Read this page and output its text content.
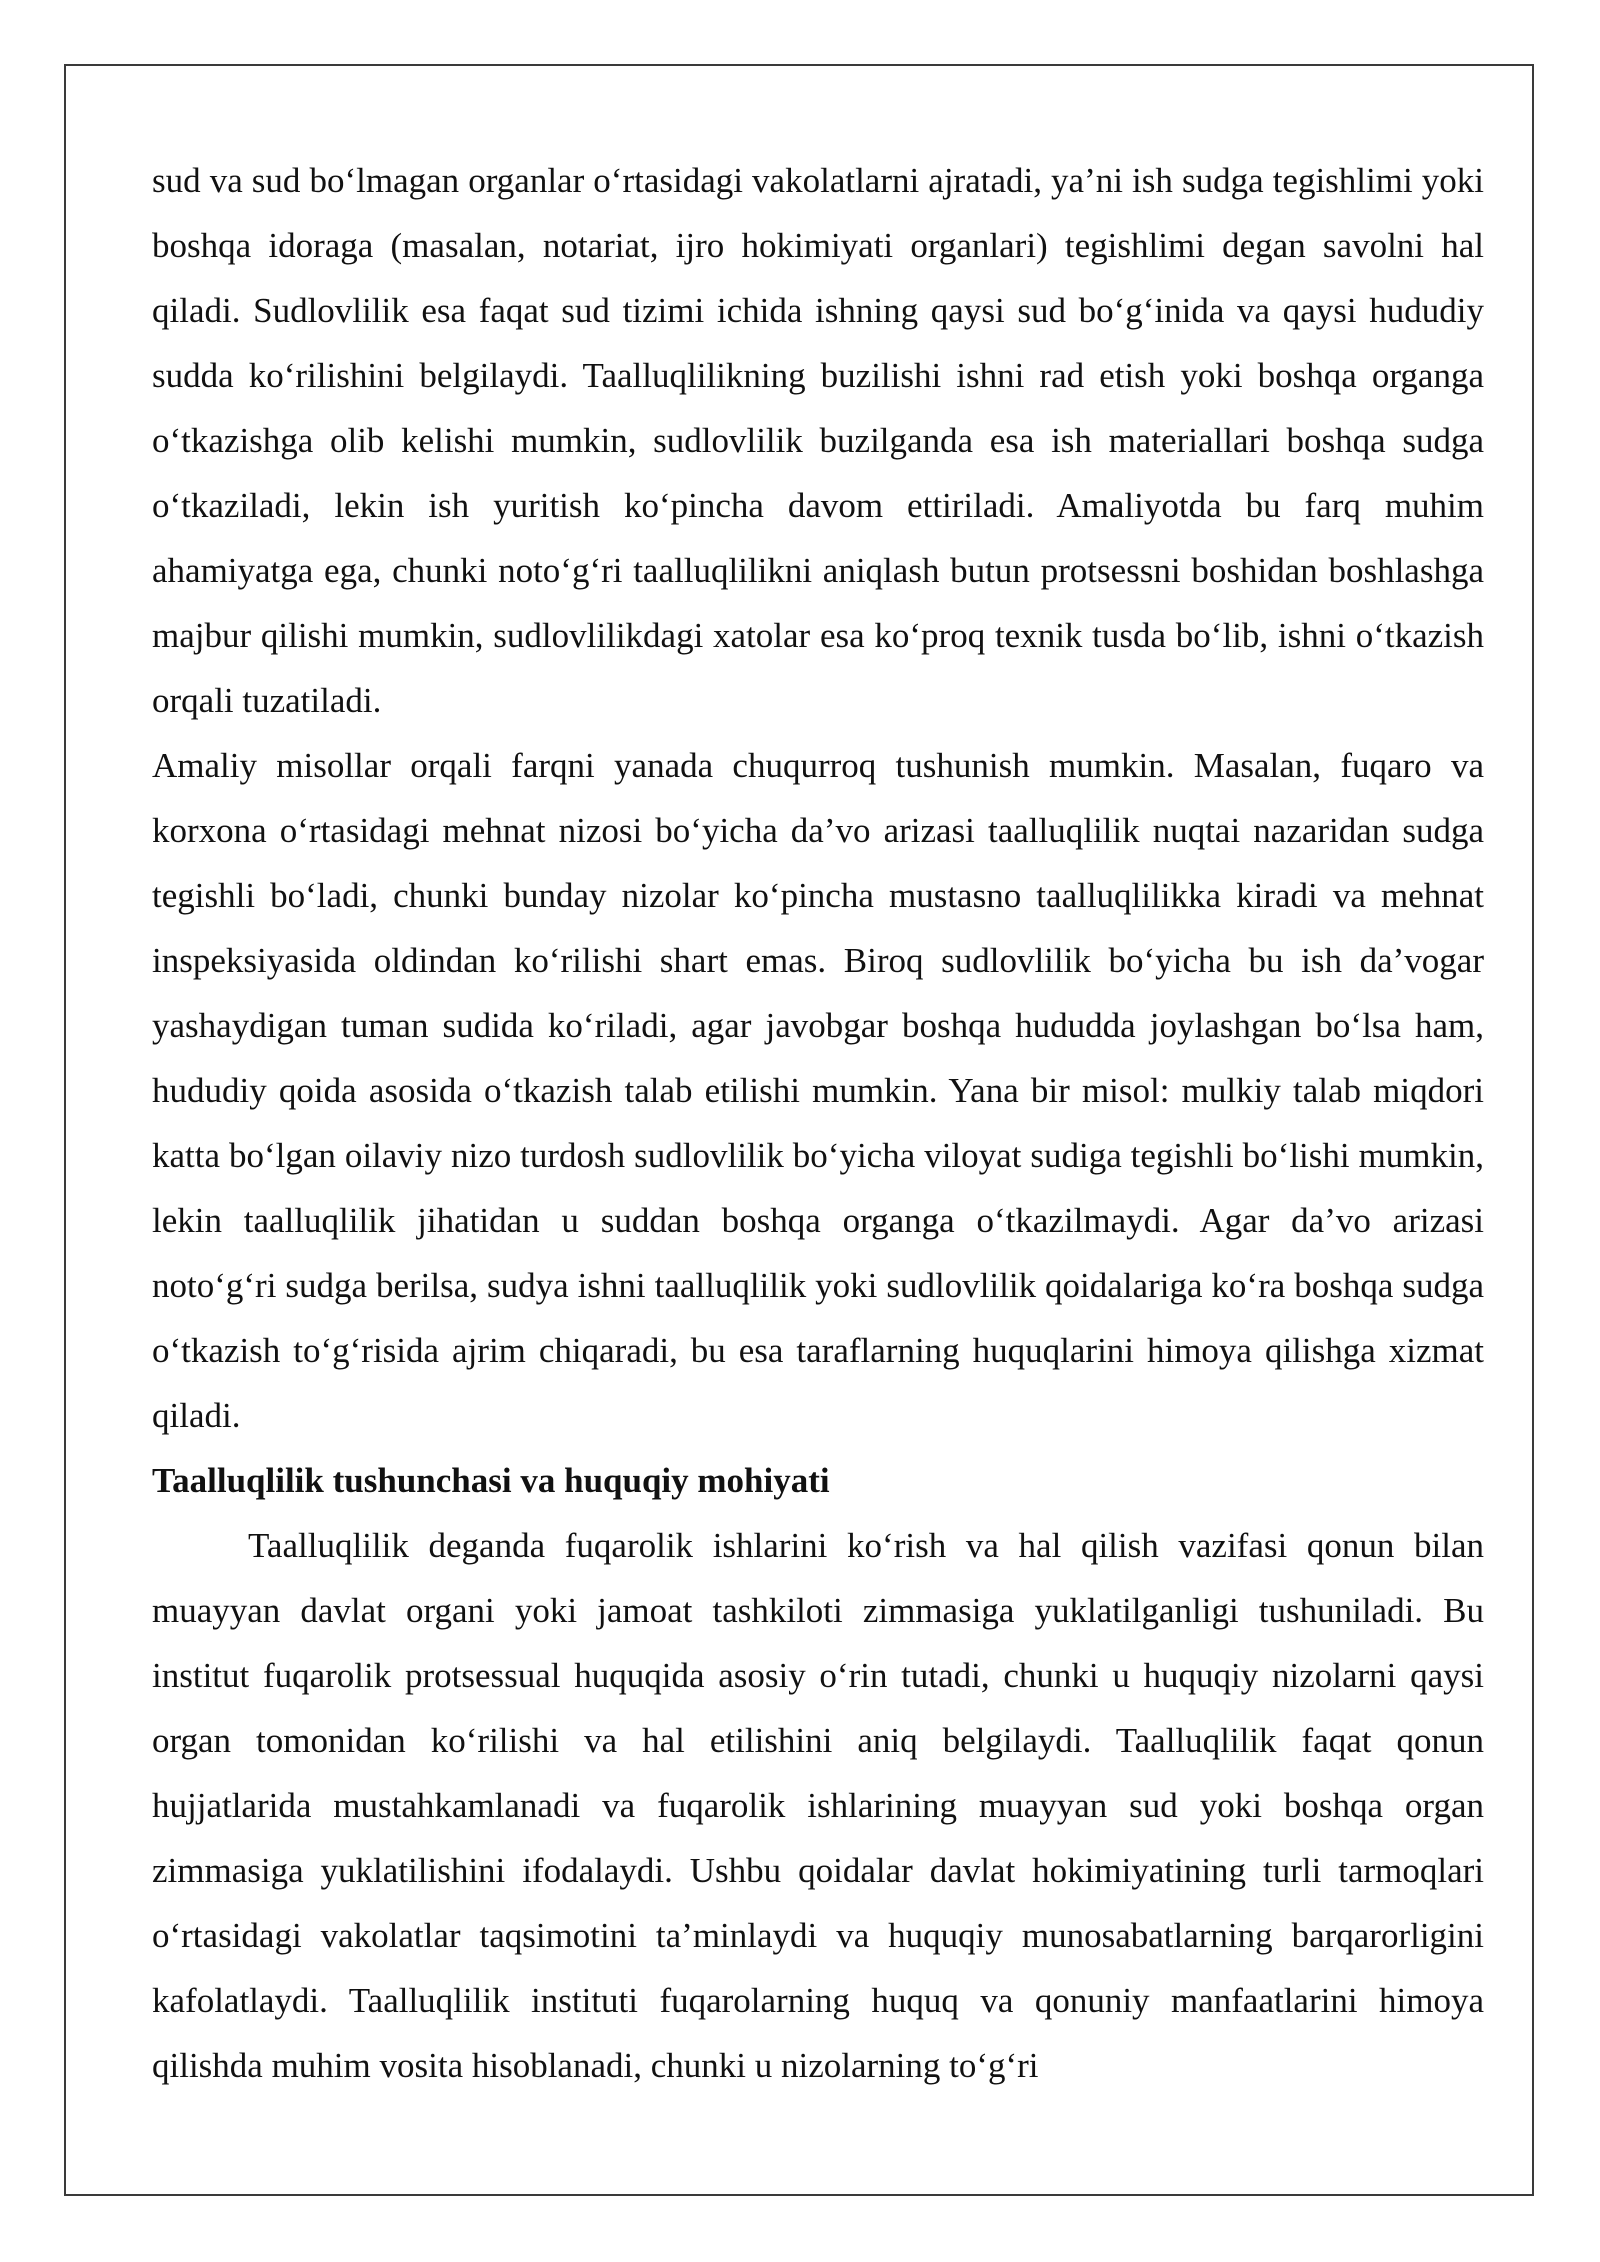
sud va sud bo‘lmagan organlar o‘rtasidagi vakolatlarni ajratadi, ya’ni ish sudga tegishlimi yoki boshqa idoraga (masalan, notariat, ijro hokimiyati organlari) tegishlimi degan savolni hal qiladi. Sudlovlilik esa faqat sud tizimi ichida ishning qaysi sud bo‘g‘inida va qaysi hududiy sudda ko‘rilishini belgilaydi. Taalluqlilikning buzilishi ishni rad etish yoki boshqa organga o‘tkazishga olib kelishi mumkin, sudlovlilik buzilganda esa ish materiallari boshqa sudga o‘tkaziladi, lekin ish yuritish ko‘pincha davom ettiriladi. Amaliyotda bu farq muhim ahamiyatga ega, chunki noto‘g‘ri taalluqlilikni aniqlash butun protsessni boshidan boshlashga majbur qilishi mumkin, sudlovlilikdagi xatolar esa ko‘proq texnik tusda bo‘lib, ishni o‘tkazish orqali tuzatiladi.

Amaliy misollar orqali farqni yanada chuqurroq tushunish mumkin. Masalan, fuqaro va korxona o‘rtasidagi mehnat nizosi bo‘yicha da’vo arizasi taalluqlilik nuqtai nazaridan sudga tegishli bo‘ladi, chunki bunday nizolar ko‘pincha mustasno taalluqlilikka kiradi va mehnat inspeksiyasida oldindan ko‘rilishi shart emas. Biroq sudlovlilik bo‘yicha bu ish da’vogar yashaydigan tuman sudida ko‘riladi, agar javobgar boshqa hududda joylashgan bo‘lsa ham, hududiy qoida asosida o‘tkazish talab etilishi mumkin. Yana bir misol: mulkiy talab miqdori katta bo‘lgan oilaviy nizo turdosh sudlovlilik bo‘yicha viloyat sudiga tegishli bo‘lishi mumkin, lekin taalluqlilik jihatidan u suddan boshqa organga o‘tkazilmaydi. Agar da’vo arizasi noto‘g‘ri sudga berilsa, sudya ishni taalluqlilik yoki sudlovlilik qoidalariga ko‘ra boshqa sudga o‘tkazish to‘g‘risida ajrim chiqaradi, bu esa taraflarning huquqlarini himoya qilishga xizmat qiladi.

Taalluqlilik tushunchasi va huquqiy mohiyati

Taalluqlilik deganda fuqarolik ishlarini ko‘rish va hal qilish vazifasi qonun bilan muayyan davlat organi yoki jamoat tashkiloti zimmasiga yuklatilganligi tushuniladi. Bu institut fuqarolik protsessual huquqida asosiy o‘rin tutadi, chunki u huquqiy nizolarni qaysi organ tomonidan ko‘rilishi va hal etilishini aniq belgilaydi. Taalluqlilik faqat qonun hujjatlarida mustahkamlanadi va fuqarolik ishlarining muayyan sud yoki boshqa organ zimmasiga yuklatilishini ifodalaydi. Ushbu qoidalar davlat hokimiyatining turli tarmoqlari o‘rtasidagi vakolatlar taqsimotini ta’minlaydi va huquqiy munosabatlarning barqarorligini kafolatlaydi. Taalluqlilik instituti fuqarolarning huquq va qonuniy manfaatlarini himoya qilishda muhim vosita hisoblanadi, chunki u nizolarning to‘g‘ri
